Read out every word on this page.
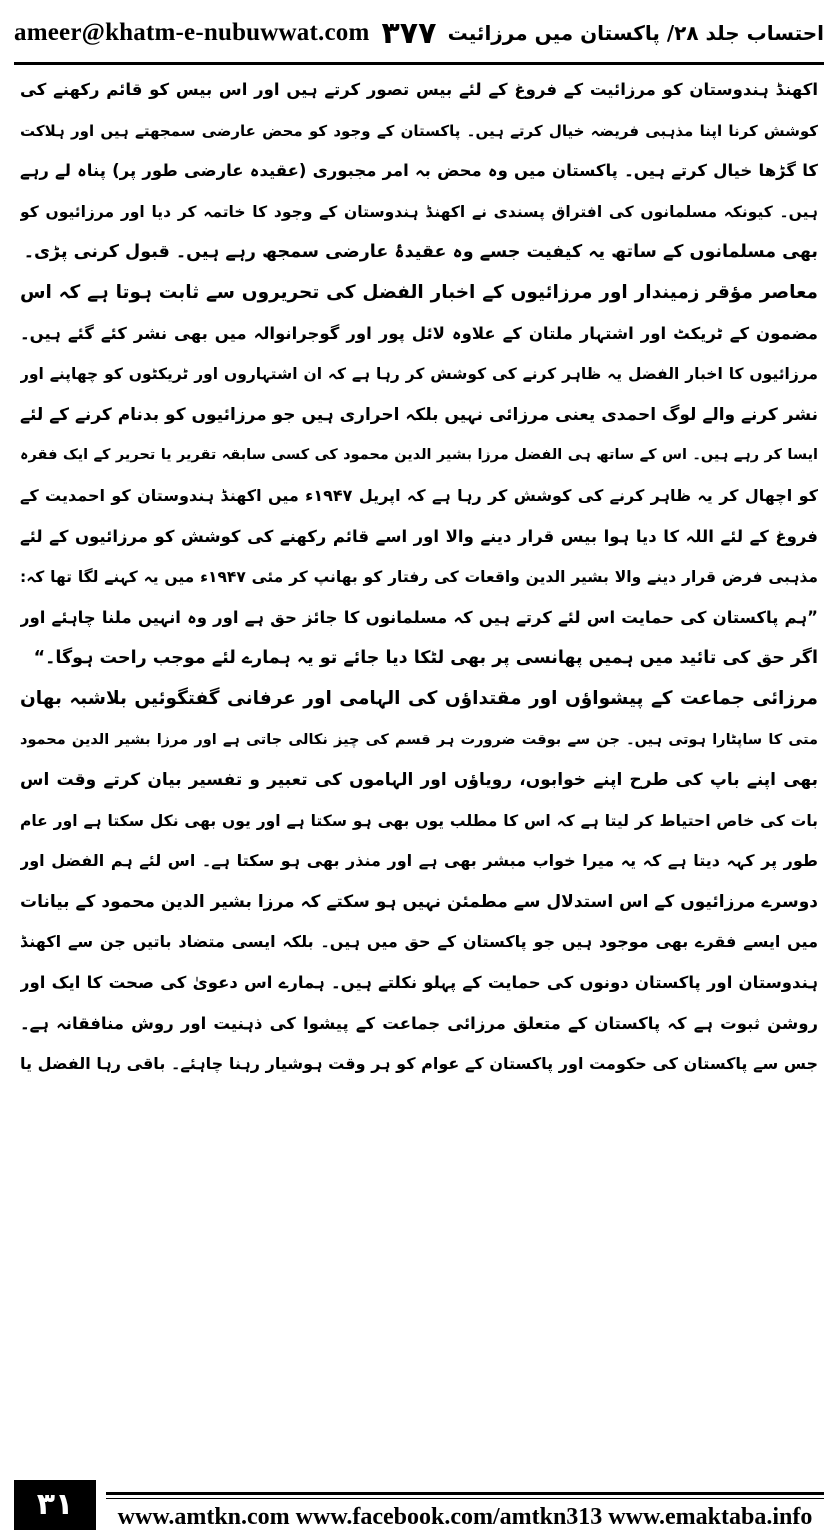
ameer@khatm-e-nubuwwat.com ۳۷۷ احتساب جلد ۲۸/ پاکستان میں مرزائیت
اکھنڈ ہندوستان کو مرزائیت کے فروغ کے لئے بیس تصور کرتے ہیں اور اس بیس کو قائم رکھنے کی
کوشش کرنا اپنا مذہبی فریضہ خیال کرتے ہیں۔ پاکستان کے وجود کو محض عارضی سمجھتے ہیں اور ہلاکت
کا گڑھا خیال کرتے ہیں۔ پاکستان میں وہ محض بہ امر مجبوری (عقیدہ عارضی طور پر) پناہ لے رہے
ہیں۔ کیونکہ مسلمانوں کی افتراق پسندی نے اکھنڈ ہندوستان کے وجود کا خاتمہ کر دیا اور مرزائیوں کو
بھی مسلمانوں کے ساتھ یہ کیفیت جسے وہ عقیدۂ عارضی سمجھ رہے ہیں۔ قبول کرنی پڑی۔
معاصر مؤقر زمیندار اور مرزائیوں کے اخبار الفضل کی تحریروں سے ثابت ہوتا ہے کہ اس
مضمون کے ٹریکٹ اور اشتہار ملتان کے علاوہ لائل پور اور گوجرانوالہ میں بھی نشر کئے گئے ہیں۔
مرزائیوں کا اخبار الفضل یہ ظاہر کرنے کی کوشش کر رہا ہے کہ ان اشتہاروں اور ٹریکٹوں کو چھاپنے اور
نشر کرنے والے لوگ احمدی یعنی مرزائی نہیں بلکہ احراری ہیں جو مرزائیوں کو بدنام کرنے کے لئے
ایسا کر رہے ہیں۔ اس کے ساتھ ہی الفضل مرزا بشیر الدین محمود کی کسی سابقہ تقریر یا تحریر کے ایک فقرہ
کو اچھال کر یہ ظاہر کرنے کی کوشش کر رہا ہے کہ اپریل ۱۹۴۷ء میں اکھنڈ ہندوستان کو احمدیت کے
فروغ کے لئے اللہ کا دیا ہوا بیس قرار دینے والا اور اسے قائم رکھنے کی کوشش کو مرزائیوں کے لئے
مذہبی فرض قرار دینے والا بشیر الدین واقعات کی رفتار کو بھانپ کر مئی ۱۹۴۷ء میں یہ کہنے لگا تھا کہ:
”ہم پاکستان کی حمایت اس لئے کرتے ہیں کہ مسلمانوں کا جائز حق ہے اور وہ انہیں ملنا چاہئے اور
اگر حق کی تائید میں ہمیں پھانسی پر بھی لٹکا دیا جائے تو یہ ہمارے لئے موجب راحت ہوگا۔“
مرزائی جماعت کے پیشواؤں اور مقتداؤں کی الہامی اور عرفانی گفتگوئیں بلاشبہ بھان
متی کا ساپٹارا ہوتی ہیں۔ جن سے بوقت ضرورت ہر قسم کی چیز نکالی جاتی ہے اور مرزا بشیر الدین محمود
بھی اپنے باپ کی طرح اپنے خوابوں، رویاؤں اور الہاموں کی تعبیر و تفسیر بیان کرتے وقت اس
بات کی خاص احتیاط کر لیتا ہے کہ اس کا مطلب یوں بھی ہو سکتا ہے اور یوں بھی نکل سکتا ہے اور عام
طور پر کہہ دیتا ہے کہ یہ میرا خواب مبشر بھی ہے اور منذر بھی ہو سکتا ہے۔ اس لئے ہم الفضل اور
دوسرے مرزائیوں کے اس استدلال سے مطمئن نہیں ہو سکتے کہ مرزا بشیر الدین محمود کے بیانات
میں ایسے فقرے بھی موجود ہیں جو پاکستان کے حق میں ہیں۔ بلکہ ایسی متضاد باتیں جن سے اکھنڈ
ہندوستان اور پاکستان دونوں کی حمایت کے پہلو نکلتے ہیں۔ ہمارے اس دعویٰ کی صحت کا ایک اور
روشن ثبوت ہے کہ پاکستان کے متعلق مرزائی جماعت کے پیشوا کی ذہنیت اور روش منافقانہ ہے۔
جس سے پاکستان کی حکومت اور پاکستان کے عوام کو ہر وقت ہوشیار رہنا چاہئے۔ باقی رہا الفضل یا
۳۱	www.amtkn.com www.facebook.com/amtkn313 www.emaktaba.info
